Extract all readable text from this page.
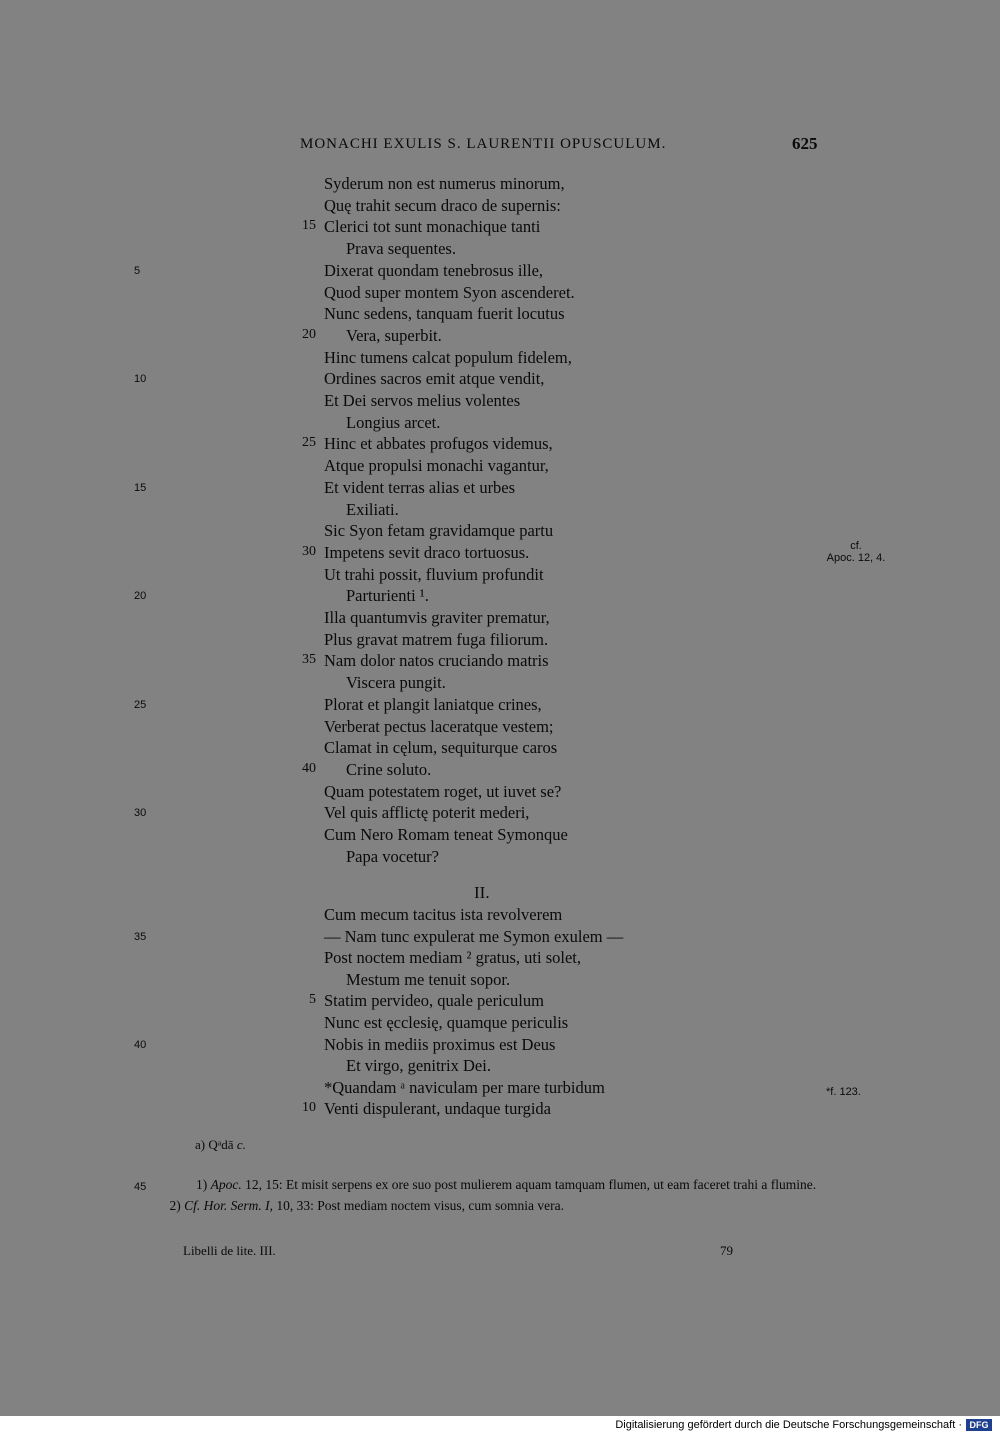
MONACHI EXULIS S. LAURENTII OPUSCULUM.	625
Syderum non est numerus minorum,
Quę trahit secum draco de supernis:
Clerici tot sunt monachique tanti
15
Prava sequentes.
Dixerat quondam tenebrosus ille,
5
Quod super montem Syon ascenderet.
Nunc sedens, tanquam fuerit locutus
Vera, superbit.
20
Hinc tumens calcat populum fidelem,
Ordines sacros emit atque vendit,
10
Et Dei servos melius volentes
Longius arcet.
Hinc et abbates profugos videmus,
25
Atque propulsi monachi vagantur,
Et vident terras alias et urbes
15
Exiliati.
Sic Syon fetam gravidamque partu
Impetens sevit draco tortuosus.
30
Ut trahi possit, fluvium profundit
Parturienti ¹.
20
Illa quantumvis graviter prematur,
Plus gravat matrem fuga filiorum.
Nam dolor natos cruciando matris
35
Viscera pungit.
Plorat et plangit laniatque crines,
25
Verberat pectus laceratque vestem;
Clamat in cęlum, sequiturque caros
Crine soluto.
40
Quam potestatem roget, ut iuvet se?
Vel quis afflictę poterit mederi,
30
Cum Nero Romam teneat Symonque
Papa vocetur?
II.
Cum mecum tacitus ista revolverem
— Nam tunc expulerat me Symon exulem —
35
Post noctem mediam ² gratus, uti solet,
Mestum me tenuit sopor.
Statim pervideo, quale periculum
5
Nunc est ęcclesię, quamque periculis
Nobis in mediis proximus est Deus
40
Et virgo, genitrix Dei.
*Quandam ᵃ naviculam per mare turbidum
Venti dispulerant, undaque turgida
10
cf.
Apoc. 12, 4.
*f. 123.
a) Qᵃdā c.
45	1) Apoc. 12, 15: Et misit serpens ex ore suo post mulierem aquam tamquam flumen, ut eam faceret trahi a flumine.     2) Cf. Hor. Serm. I, 10, 33: Post mediam noctem visus, cum somnia vera.
Libelli de lite. III.	79
Digitalisierung gefördert durch die Deutsche Forschungsgemeinschaft · DFG
